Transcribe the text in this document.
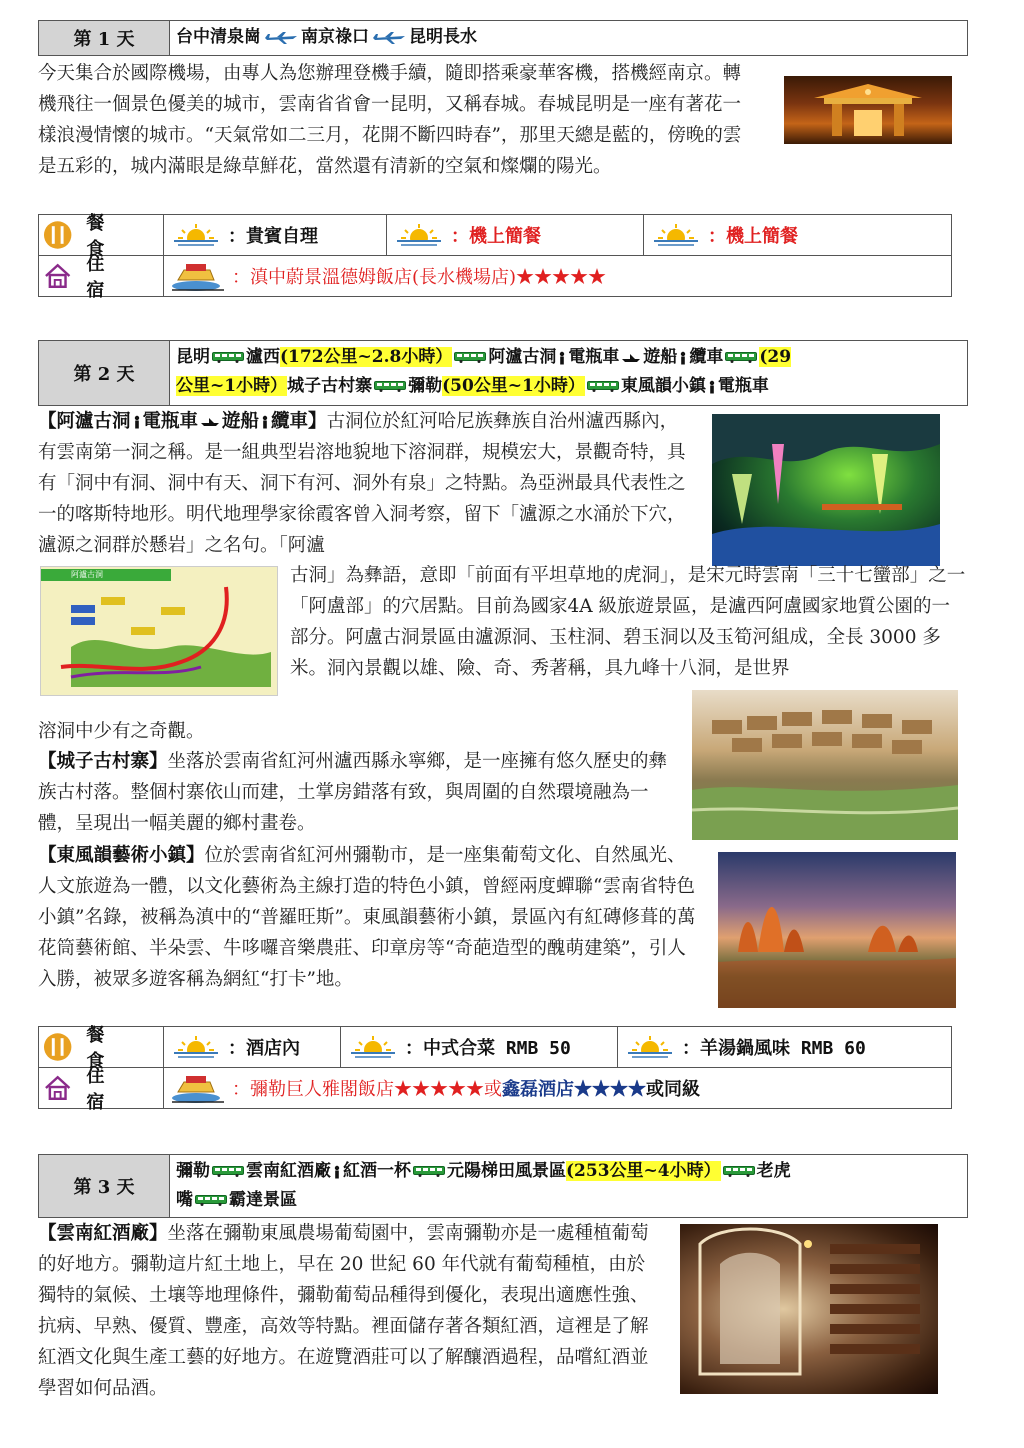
第 1 天	台中清泉崗 南京祿口 昆明長水
今天集合於國際機場，由專人為您辦理登機手續，隨即搭乘豪華客機，搭機經南京。轉機飛往一個景色優美的城市，雲南省省會一昆明，又稱春城。春城昆明是一座有著花一樣浪漫情懷的城市。“天氣常如二三月，花開不斷四時春”，那里天總是藍的，傍晚的雲是五彩的，城内滿眼是綠草鮮花，當然還有清新的空氣和燦爛的陽光。
餐 食
：貴賓自理	：機上簡餐	：機上簡餐
住 宿
：滇中蔚景溫德姆飯店(長水機場店)★★★★★
第 2 天
昆明 瀘西(172公里~2.8小時） 阿瀘古洞 電瓶車 遊船 纜車 (29
公里~1小時）城子古村寨 彌勒(50公里~1小時） 東風韻小鎮 電瓶車
【阿瀘古洞 電瓶車 遊船 纜車】古洞位於紅河哈尼族彝族自治州瀘西縣內，有雲南第一洞之稱。是一組典型岩溶地貌地下溶洞群，規模宏大，景觀奇特，具有「洞中有洞、洞中有天、洞下有河、洞外有泉」之特點。為亞洲最具代表性之一的喀斯特地形。明代地理學家徐霞客曾入洞考察，留下「瀘源之水涌於下穴，瀘源之洞群於懸岩」之名句。「阿瀘
阿瀘古洞	古洞」為彝語，意即「前面有平坦草地的虎洞」，是宋元時雲南「三十七蠻部」之一「阿盧部」的穴居點。目前為國家4A 級旅遊景區，是瀘西阿盧國家地質公園的一部分。阿盧古洞景區由瀘源洞、玉柱洞、碧玉洞以及玉筍河組成，全長 3000 多米。洞內景觀以雄、險、奇、秀著稱，具九峰十八洞，是世界
溶洞中少有之奇觀。
【城子古村寨】坐落於雲南省紅河州瀘西縣永寧鄉，是一座擁有悠久歷史的彝族古村落。整個村寨依山而建，土掌房錯落有致，與周圍的自然環境融為一體，呈現出一幅美麗的鄉村畫卷。
【東風韻藝術小鎮】位於雲南省紅河州彌勒市，是一座集葡萄文化、自然風光、人文旅遊為一體，以文化藝術為主線打造的特色小鎮，曾經兩度蟬聯“雲南省特色小鎮”名錄，被稱為滇中的“普羅旺斯”。東風韻藝術小鎮，景區內有紅磚修葺的萬花筒藝術館、半朵雲、牛哆囉音樂農莊、印章房等“奇葩造型的醜萌建築”，引人入勝，被眾多遊客稱為網紅“打卡”地。
餐 食
：酒店內	：中式合菜 RMB 50	：羊湯鍋風味 RMB 60
住 宿
：彌勒巨人雅閣飯店★★★★★ 或 鑫磊酒店★★★★ 或同級
第 3 天
彌勒 雲南紅酒廠 紅酒一杯 元陽梯田風景區(253公里~4小時） 老虎
嘴 霸達景區
【雲南紅酒廠】坐落在彌勒東風農場葡萄園中，雲南彌勒亦是一處種植葡萄的好地方。彌勒這片紅土地上，早在 20 世紀 60 年代就有葡萄種植，由於獨特的氣候、土壤等地理條件，彌勒葡萄品種得到優化，表現出適應性強、抗病、早熟、優質、豐產，高效等特點。裡面儲存著各類紅酒，這裡是了解紅酒文化與生產工藝的好地方。在遊覽酒莊可以了解釀酒過程，品嚐紅酒並學習如何品酒。
